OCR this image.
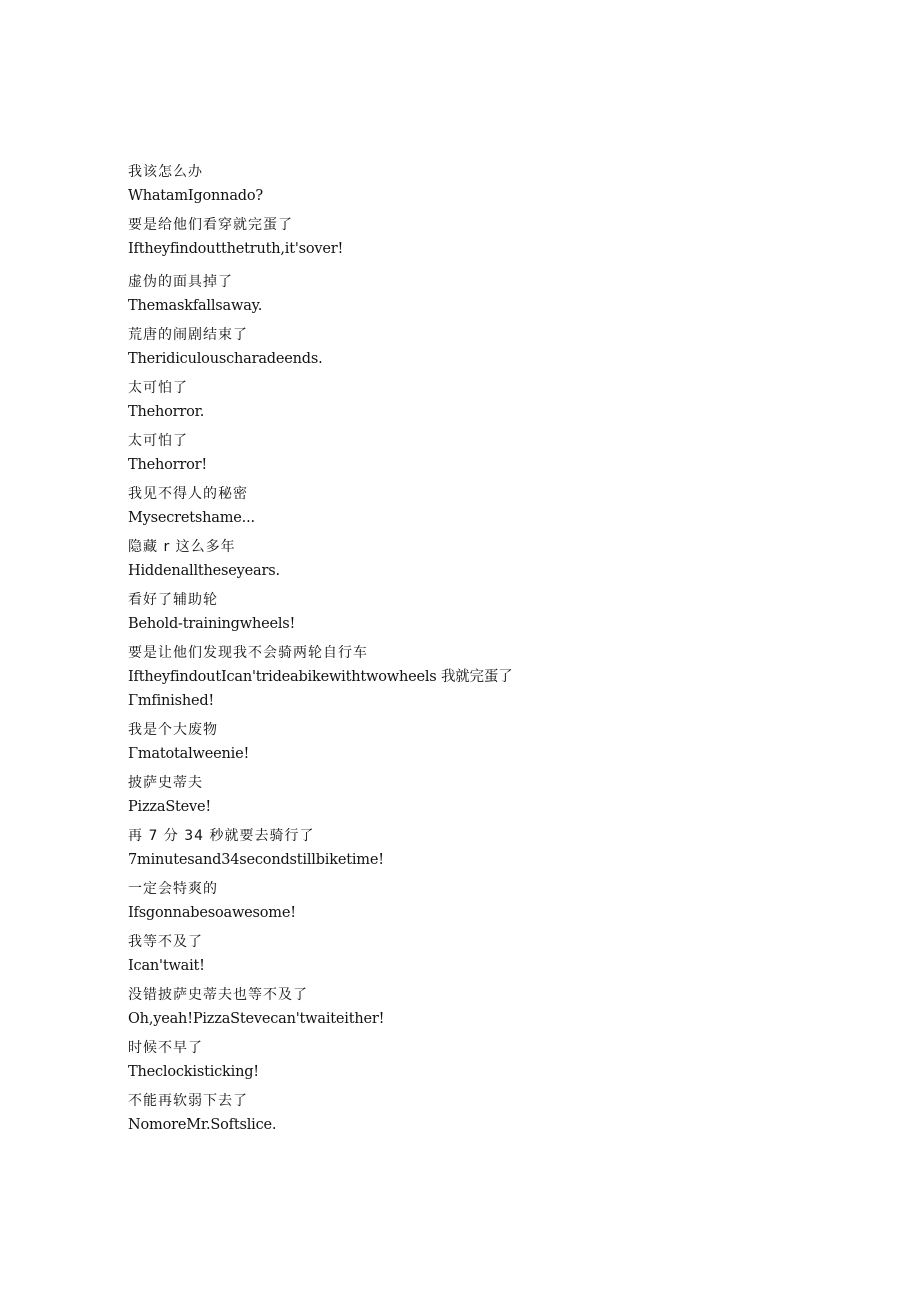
我该怎么办
WhatamIgonnado?
要是给他们看穿就完蛋了
Iftheyfindoutthetruth,it'sover!
虚伪的面具掉了
Themaskfallsaway.
荒唐的闹剧结束了
Theridiculouscharadeends.
太可怕了
Thehorror.
太可怕了
Thehorror!
我见不得人的秘密
Mysecretshame...
隐藏 r 这么多年
Hiddenalltheseyears.
看好了辅助轮
Behold-trainingwheels!
要是让他们发现我不会骑两轮自行车
IftheyfindoutIcan'trideabikewithtwowheels 我就完蛋了
Γmfinished!
我是个大废物
Γmatotalweenie!
披萨史蒂夫
PizzaSteve!
再 7 分 34 秒就要去骑行了
7minutesand34secondstillbiketime!
一定会特爽的
Ifsgonnabesoawesome!
我等不及了
Ican'twait!
没错披萨史蒂夫也等不及了
Oh,yeah!PizzaStevecan'twaiteither!
时候不早了
Theclockisticking!
不能再软弱下去了
NomoreMr.Softslice.
